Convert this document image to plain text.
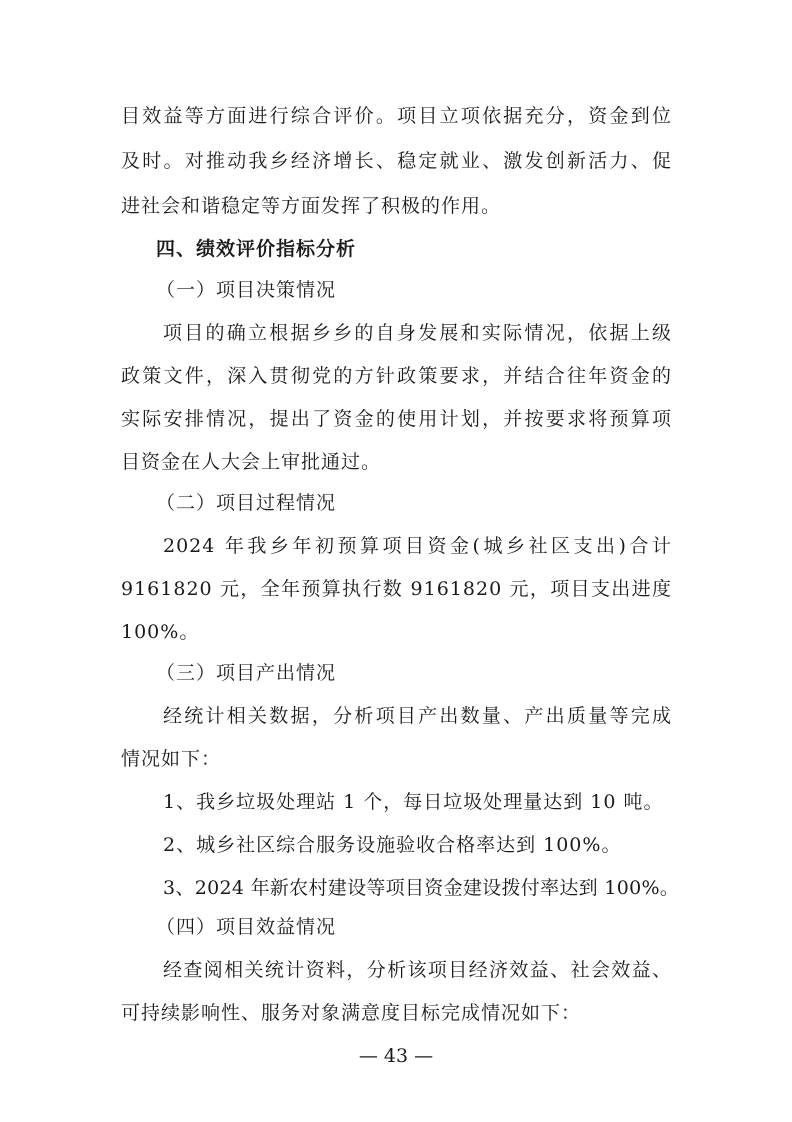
目效益等方面进行综合评价。项目立项依据充分，资金到位
及时。对推动我乡经济增长、稳定就业、激发创新活力、促
进社会和谐稳定等方面发挥了积极的作用。
四、绩效评价指标分析
（一）项目决策情况
项目的确立根据乡乡的自身发展和实际情况，依据上级
政策文件，深入贯彻党的方针政策要求，并结合往年资金的
实际安排情况，提出了资金的使用计划，并按要求将预算项
目资金在人大会上审批通过。
（二）项目过程情况
2024 年我乡年初预算项目资金(城乡社区支出)合计
9161820 元，全年预算执行数 9161820 元，项目支出进度
100%。
（三）项目产出情况
经统计相关数据，分析项目产出数量、产出质量等完成
情况如下：
1、我乡垃圾处理站 1 个，每日垃圾处理量达到 10 吨。
2、城乡社区综合服务设施验收合格率达到 100%。
3、2024 年新农村建设等项目资金建设拨付率达到 100%。
（四）项目效益情况
经查阅相关统计资料，分析该项目经济效益、社会效益、
可持续影响性、服务对象满意度目标完成情况如下：
— 43 —
